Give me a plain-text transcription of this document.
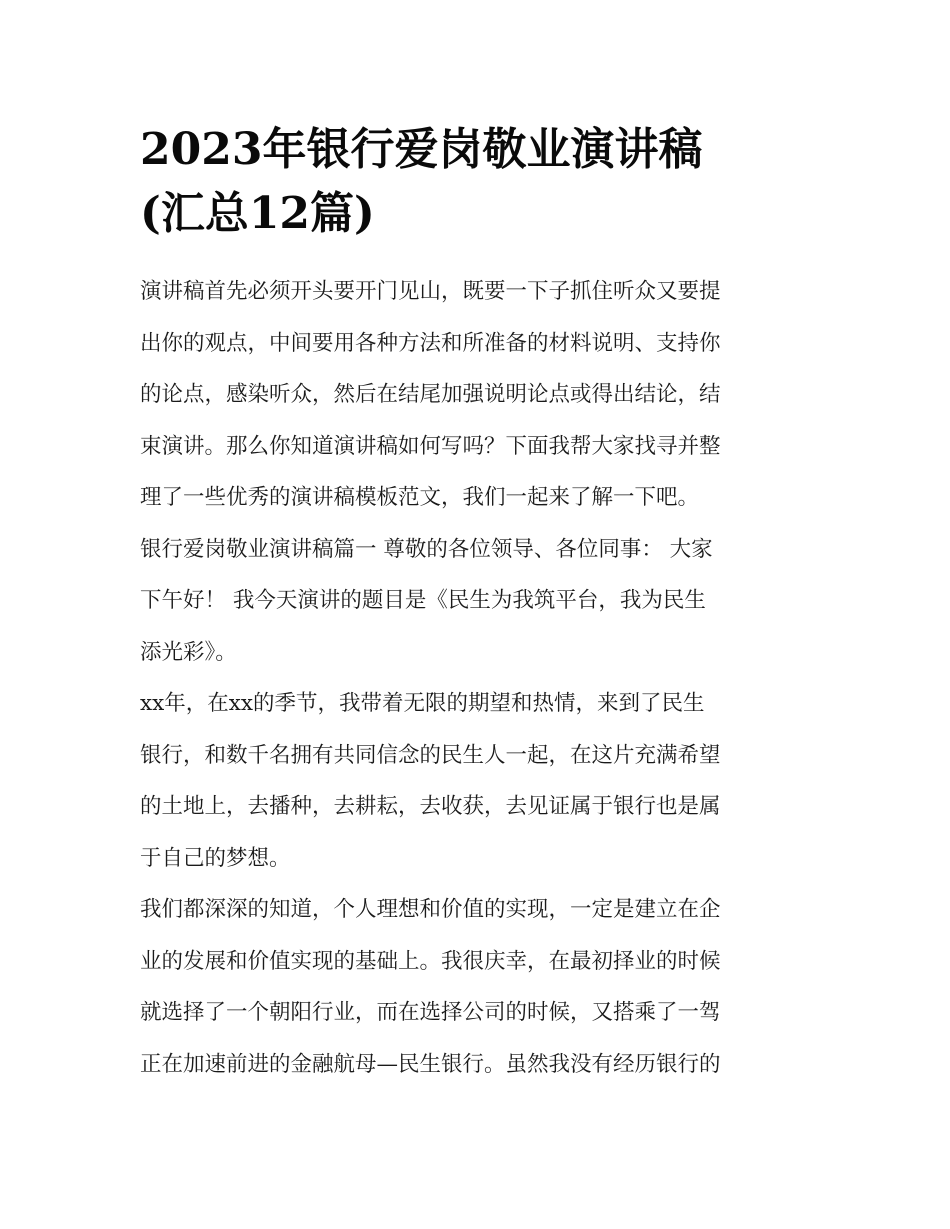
2023年银行爱岗敬业演讲稿
(汇总12篇)

演讲稿首先必须开头要开门见山，既要一下子抓住听众又要提
出你的观点，中间要用各种方法和所准备的材料说明、支持你
的论点，感染听众，然后在结尾加强说明论点或得出结论，结
束演讲。那么你知道演讲稿如何写吗？下面我帮大家找寻并整
理了一些优秀的演讲稿模板范文，我们一起来了解一下吧。

银行爱岗敬业演讲稿篇一 尊敬的各位领导、各位同事： 大家
下午好！ 我今天演讲的题目是《民生为我筑平台，我为民生
添光彩》。

xx年，在xx的季节，我带着无限的期望和热情，来到了民生
银行，和数千名拥有共同信念的民生人一起，在这片充满希望
的土地上，去播种，去耕耘，去收获，去见证属于银行也是属
于自己的梦想。

我们都深深的知道，个人理想和价值的实现，一定是建立在企
业的发展和价值实现的基础上。我很庆幸，在最初择业的时候
就选择了一个朝阳行业，而在选择公司的时候，又搭乘了一驾
正在加速前进的金融航母—民生银行。虽然我没有经历银行的
